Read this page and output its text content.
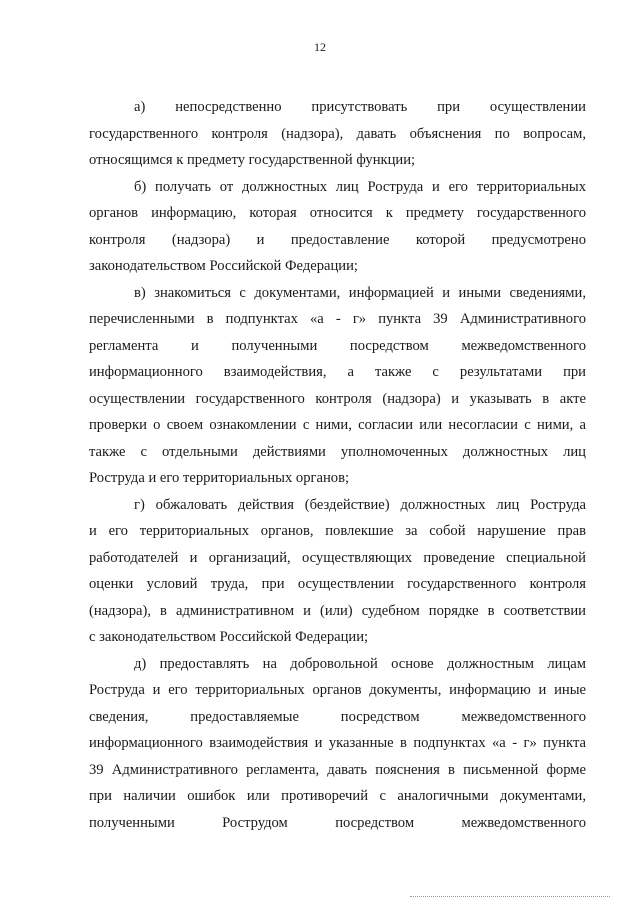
12
а) непосредственно присутствовать при осуществлении
государственного контроля (надзора), давать объяснения по вопросам,
относящимся к предмету государственной функции;
б) получать от должностных лиц Роструда и его территориальных
органов информацию, которая относится к предмету государственного
контроля (надзора) и предоставление которой предусмотрено
законодательством Российской Федерации;
в) знакомиться с документами, информацией и иными сведениями,
перечисленными в подпунктах «а - г» пункта 39 Административного
регламента и полученными посредством межведомственного
информационного взаимодействия, а также с результатами при
осуществлении государственного контроля (надзора) и указывать в акте
проверки о своем ознакомлении с ними, согласии или несогласии с ними, а
также с отдельными действиями уполномоченных должностных лиц
Роструда и его территориальных органов;
г) обжаловать действия (бездействие) должностных лиц Роструда
и его территориальных органов, повлекшие за собой нарушение прав
работодателей и организаций, осуществляющих проведение специальной
оценки условий труда, при осуществлении государственного контроля
(надзора), в административном и (или) судебном порядке в соответствии
с законодательством Российской Федерации;
д) предоставлять на добровольной основе должностным лицам
Роструда и его территориальных органов документы, информацию и иные
сведения, предоставляемые посредством межведомственного
информационного взаимодействия и указанные в подпунктах «а - г» пункта
39 Административного регламента, давать пояснения в письменной форме
при наличии ошибок или противоречий с аналогичными документами,
полученными Рострудом посредством межведомственного
